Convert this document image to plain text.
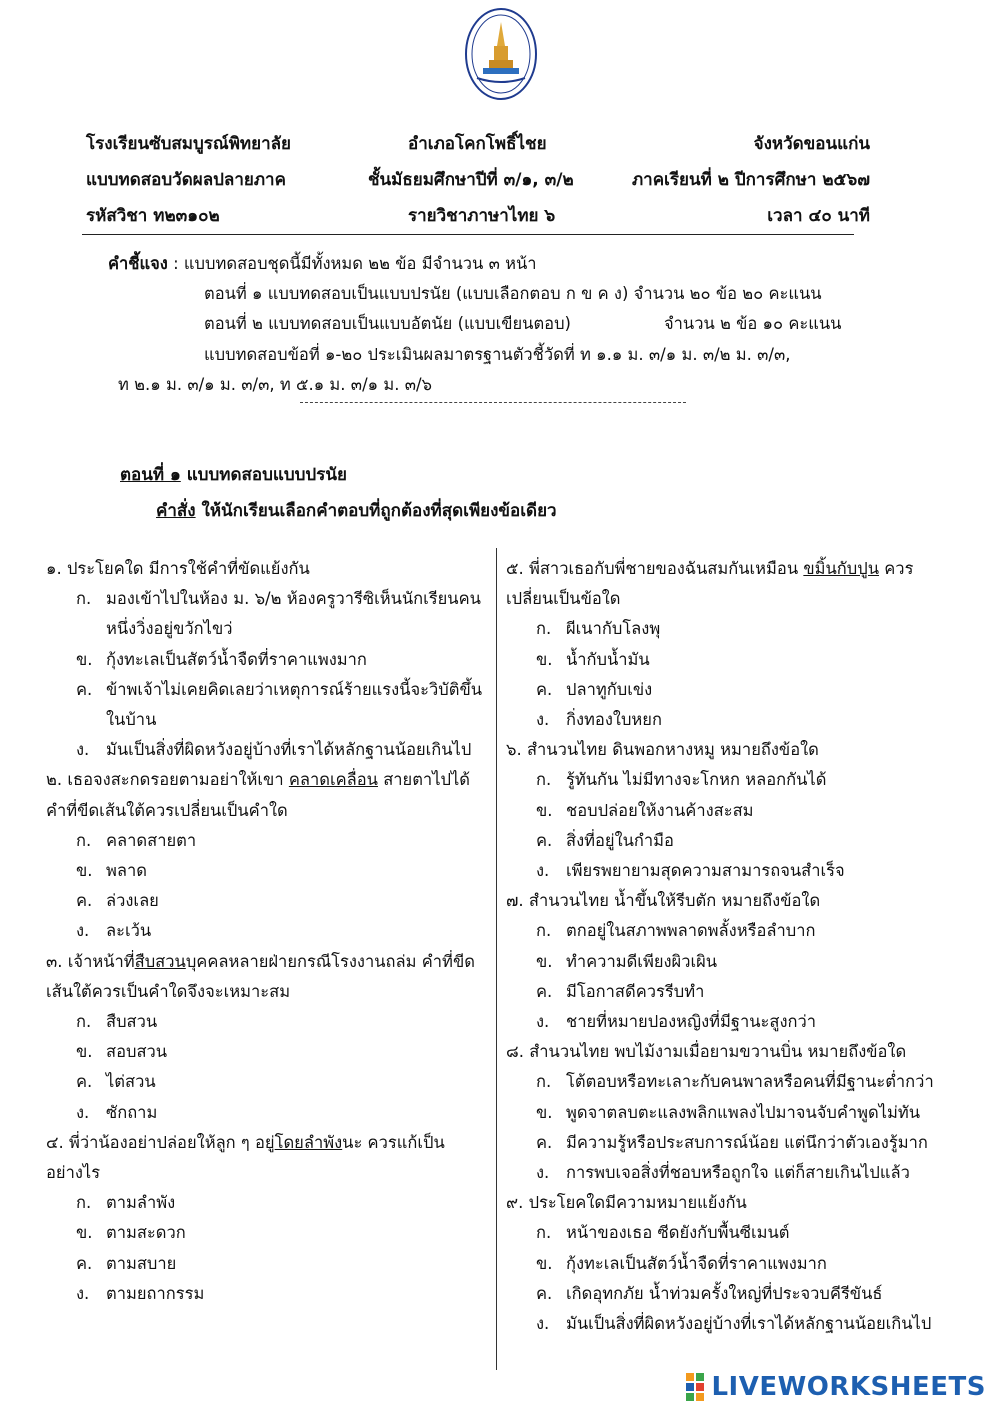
โรงเรียนซับสมบูรณ์พิทยาลัย	อำเภอโคกโพธิ์ไชย	จังหวัดขอนแก่น
แบบทดสอบวัดผลปลายภาค	ชั้นมัธยมศึกษาปีที่ ๓/๑, ๓/๒	ภาคเรียนที่ ๒ ปีการศึกษา ๒๕๖๗
รหัสวิชา ท๒๓๑๐๒	รายวิชาภาษาไทย ๖	เวลา ๔๐ นาที
คำชี้แจง : แบบทดสอบชุดนี้มีทั้งหมด ๒๒ ข้อ มีจำนวน ๓ หน้า
ตอนที่ ๑ แบบทดสอบเป็นแบบปรนัย (แบบเลือกตอบ ก ข ค ง) จำนวน ๒๐ ข้อ ๒๐ คะแนน
ตอนที่ ๒ แบบทดสอบเป็นแบบอัตนัย (แบบเขียนตอบ)	จำนวน ๒ ข้อ ๑๐ คะแนน
แบบทดสอบข้อที่ ๑-๒๐ ประเมินผลมาตรฐานตัวชี้วัดที่ ท ๑.๑ ม. ๓/๑ ม. ๓/๒ ม. ๓/๓,
ท ๒.๑ ม. ๓/๑ ม. ๓/๓, ท ๕.๑ ม. ๓/๑ ม. ๓/๖
ตอนที่ ๑ แบบทดสอบแบบปรนัย
คำสั่ง ให้นักเรียนเลือกคำตอบที่ถูกต้องที่สุดเพียงข้อเดียว
๑. ประโยคใด มีการใช้คำที่ขัดแย้งกัน
ก. มองเข้าไปในห้อง ม. ๖/๒ ห้องครูวารีซิเห็นนักเรียนคน
หนึ่งวิ่งอยู่ขวักไขว่
ข. กุ้งทะเลเป็นสัตว์น้ำจืดที่ราคาแพงมาก
ค. ข้าพเจ้าไม่เคยคิดเลยว่าเหตุการณ์ร้ายแรงนี้จะวิบัติขึ้น
ในบ้าน
ง. มันเป็นสิ่งที่ผิดหวังอยู่บ้างที่เราได้หลักฐานน้อยเกินไป
๒. เธอจงสะกดรอยตามอย่าให้เขา คลาดเคลื่อน สายตาไปได้
คำที่ขีดเส้นใต้ควรเปลี่ยนเป็นคำใด
ก. คลาดสายตา
ข. พลาด
ค. ล่วงเลย
ง. ละเว้น
๓. เจ้าหน้าที่สืบสวนบุคคลหลายฝ่ายกรณีโรงงานถล่ม คำที่ขีด
เส้นใต้ควรเป็นคำใดจึงจะเหมาะสม
ก. สืบสวน
ข. สอบสวน
ค. ไต่สวน
ง. ซักถาม
๔. พี่ว่าน้องอย่าปล่อยให้ลูก ๆ อยู่โดยลำพังนะ ควรแก้เป็น
อย่างไร
ก. ตามลำพัง
ข. ตามสะดวก
ค. ตามสบาย
ง. ตามยถากรรม
๕. พี่สาวเธอกับพี่ชายของฉันสมกันเหมือน ขมิ้นกับปูน ควร
เปลี่ยนเป็นข้อใด
ก. ผีเนากับโลงพุ
ข. น้ำกับน้ำมัน
ค. ปลาทูกับเข่ง
ง. กิ่งทองใบหยก
๖. สำนวนไทย ดินพอกหางหมู หมายถึงข้อใด
ก. รู้ทันกัน ไม่มีทางจะโกหก หลอกกันได้
ข. ชอบปล่อยให้งานค้างสะสม
ค. สิ่งที่อยู่ในกำมือ
ง. เพียรพยายามสุดความสามารถจนสำเร็จ
๗. สำนวนไทย น้ำขึ้นให้รีบตัก หมายถึงข้อใด
ก. ตกอยู่ในสภาพพลาดพลั้งหรือลำบาก
ข. ทำความดีเพียงผิวเผิน
ค. มีโอกาสดีควรรีบทำ
ง. ชายที่หมายปองหญิงที่มีฐานะสูงกว่า
๘. สำนวนไทย พบไม้งามเมื่อยามขวานบิ่น หมายถึงข้อใด
ก. โต้ตอบหรือทะเลาะกับคนพาลหรือคนที่มีฐานะต่ำกว่า
ข. พูดจาตลบตะแลงพลิกแพลงไปมาจนจับคำพูดไม่ทัน
ค. มีความรู้หรือประสบการณ์น้อย แต่นึกว่าตัวเองรู้มาก
ง. การพบเจอสิ่งที่ชอบหรือถูกใจ แต่ก็สายเกินไปแล้ว
๙. ประโยคใดมีความหมายแย้งกัน
ก. หน้าของเธอ ซีดยังกับพื้นซีเมนต์
ข. กุ้งทะเลเป็นสัตว์น้ำจืดที่ราคาแพงมาก
ค. เกิดอุทกภัย น้ำท่วมครั้งใหญ่ที่ประจวบคีรีขันธ์
ง. มันเป็นสิ่งที่ผิดหวังอยู่บ้างที่เราได้หลักฐานน้อยเกินไป
LIVEWORKSHEETS
